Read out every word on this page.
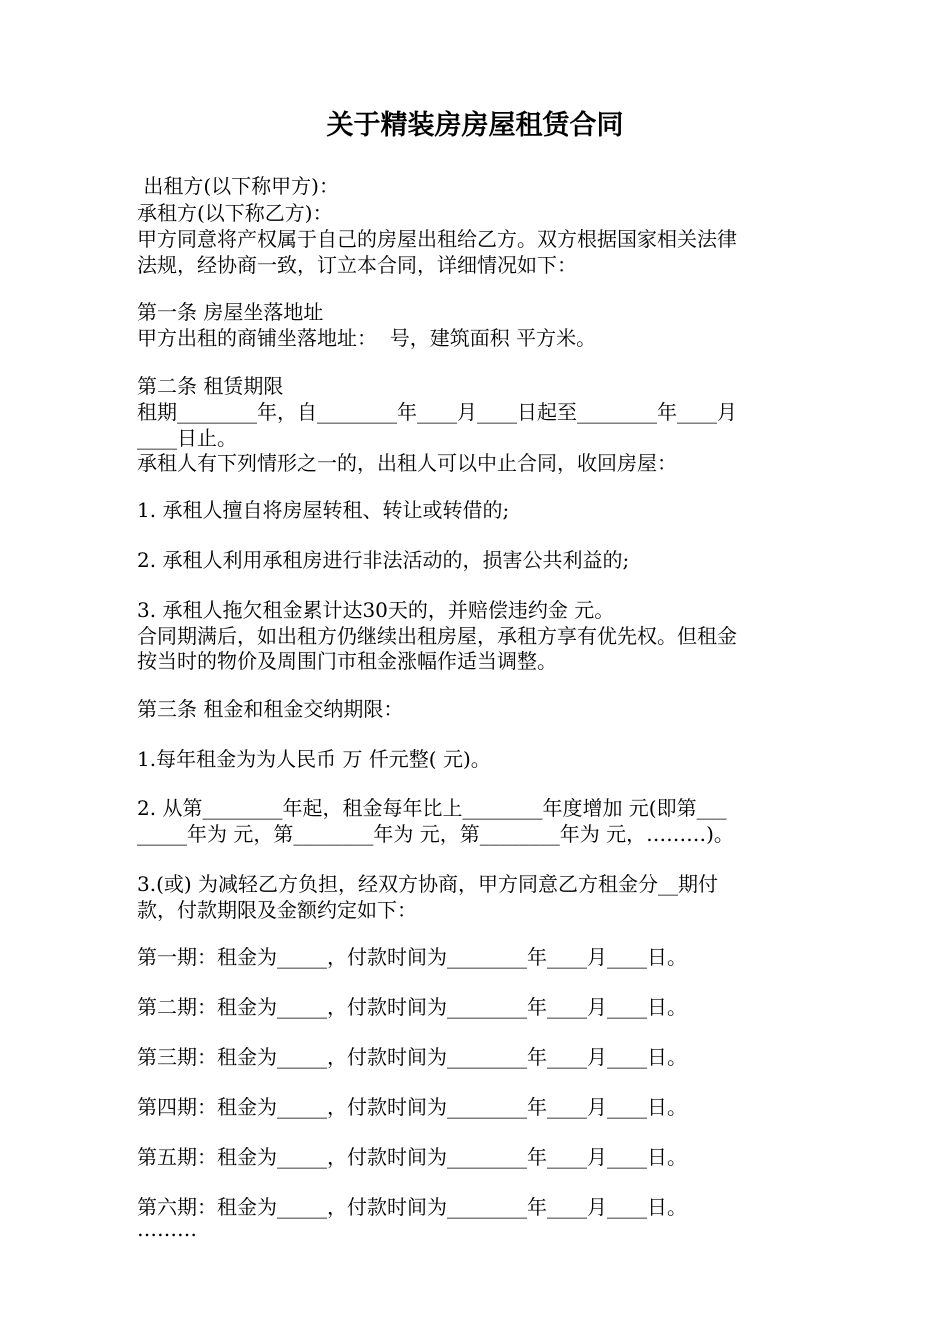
关于精装房房屋租赁合同

出租方(以下称甲方)：

承租方(以下称乙方)：

甲方同意将产权属于自己的房屋出租给乙方。双方根据国家相关法律

法规，经协商一致，订立本合同，详细情况如下：

第一条 房屋坐落地址

甲方出租的商铺坐落地址：  号，建筑面积 平方米。

第二条 租赁期限

租期________年，自________年____月____日起至________年____月

____日止。

承租人有下列情形之一的，出租人可以中止合同，收回房屋：

1. 承租人擅自将房屋转租、转让或转借的;

2. 承租人利用承租房进行非法活动的，损害公共利益的;

3. 承租人拖欠租金累计达30天的，并赔偿违约金 元。

合同期满后，如出租方仍继续出租房屋，承租方享有优先权。但租金

按当时的物价及周围门市租金涨幅作适当调整。

第三条 租金和租金交纳期限：

1.每年租金为为人民币 万 仟元整( 元)。

2. 从第________年起，租金每年比上________年度增加 元(即第___

_____年为 元，第________年为 元，第________年为 元，………)。

3.(或) 为减轻乙方负担，经双方协商，甲方同意乙方租金分__期付

款，付款期限及金额约定如下：

第一期：租金为_____，付款时间为________年____月____日。

第二期：租金为_____，付款时间为________年____月____日。

第三期：租金为_____，付款时间为________年____月____日。

第四期：租金为_____，付款时间为________年____月____日。

第五期：租金为_____，付款时间为________年____月____日。

第六期：租金为_____，付款时间为________年____月____日。

………
